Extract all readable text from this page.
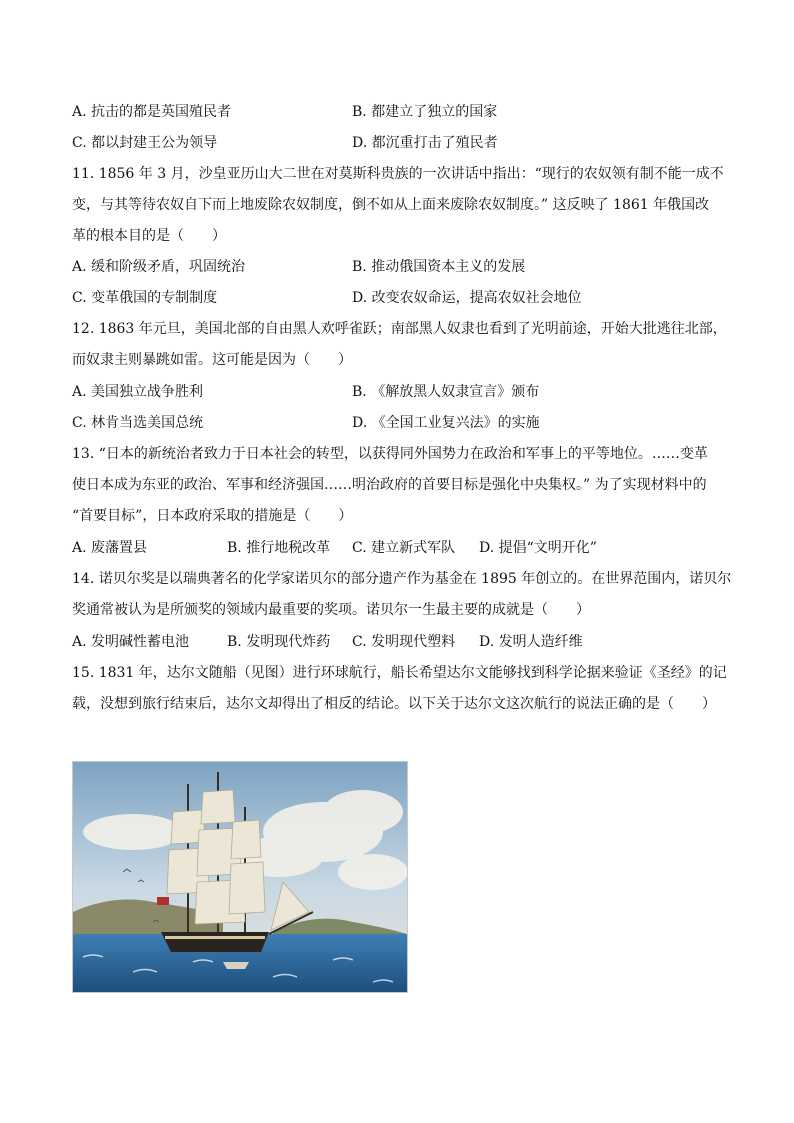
A. 抗击的都是英国殖民者	B. 都建立了独立的国家
C. 都以封建王公为领导	D. 都沉重打击了殖民者
11. 1856 年 3 月，沙皇亚历山大二世在对莫斯科贵族的一次讲话中指出：“现行的农奴领有制不能一成不
变，与其等待农奴自下而上地废除农奴制度，倒不如从上面来废除农奴制度。” 这反映了 1861 年俄国改
革的根本目的是（　　）
A. 缓和阶级矛盾，巩固统治	B. 推动俄国资本主义的发展
C. 变革俄国的专制制度	D. 改变农奴命运，提高农奴社会地位
12. 1863 年元旦，美国北部的自由黑人欢呼雀跃；南部黑人奴隶也看到了光明前途，开始大批逃往北部，
而奴隶主则暴跳如雷。这可能是因为（　　）
A. 美国独立战争胜利	B. 《解放黑人奴隶宣言》颁布
C. 林肯当选美国总统	D. 《全国工业复兴法》的实施
13. “日本的新统治者致力于日本社会的转型，以获得同外国势力在政治和军事上的平等地位。……变革
使日本成为东亚的政治、军事和经济强国……明治政府的首要目标是强化中央集权。” 为了实现材料中的
“首要目标”，日本政府采取的措施是（　　）
A. 废藩置县	B. 推行地税改革 C. 建立新式军队 D. 提倡“文明开化”
14. 诺贝尔奖是以瑞典著名的化学家诺贝尔的部分遗产作为基金在 1895 年创立的。在世界范围内，诺贝尔
奖通常被认为是所颁奖的领域内最重要的奖项。诺贝尔一生最主要的成就是（　　）
A. 发明碱性蓄电池	B. 发明现代炸药 C. 发明现代塑料 D. 发明人造纤维
15. 1831 年，达尔文随船（见图）进行环球航行，船长希望达尔文能够找到科学论据来验证《圣经》的记
载，没想到旅行结束后，达尔文却得出了相反的结论。以下关于达尔文这次航行的说法正确的是（　　）
